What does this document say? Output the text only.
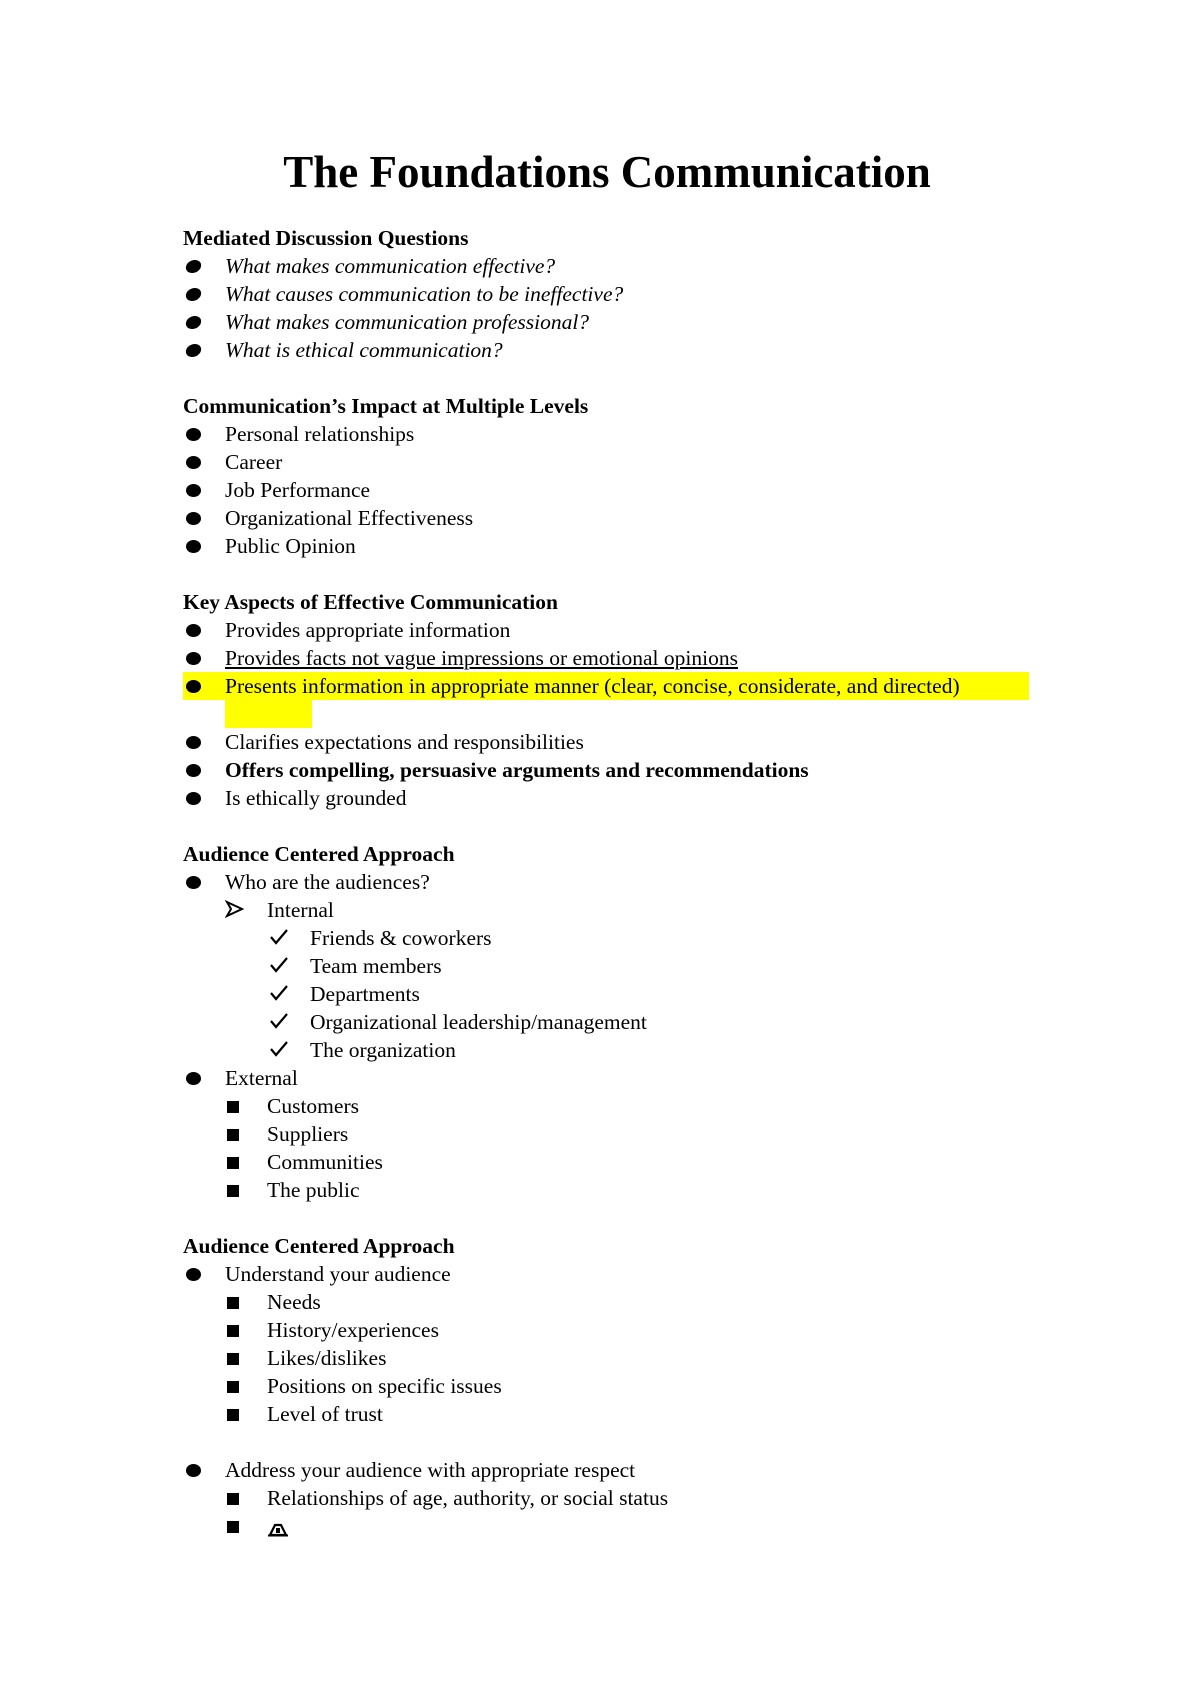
The Foundations Communication
Mediated Discussion Questions
What makes communication effective?
What causes communication to be ineffective?
What makes communication professional?
What is ethical communication?
Communication’s Impact at Multiple Levels
Personal relationships
Career
Job Performance
Organizational Effectiveness
Public Opinion
Key Aspects of Effective Communication
Provides appropriate information
Provides facts not vague impressions or emotional opinions
Presents information in appropriate manner (clear, concise, considerate, and directed)
Clarifies expectations and responsibilities
Offers compelling, persuasive arguments and recommendations
Is ethically grounded
Audience Centered Approach
Who are the audiences?
Internal
Friends & coworkers
Team members
Departments
Organizational leadership/management
The organization
External
Customers
Suppliers
Communities
The public
Audience Centered Approach
Understand your audience
Needs
History/experiences
Likes/dislikes
Positions on specific issues
Level of trust
Address your audience with appropriate respect
Relationships of age, authority, or social status
